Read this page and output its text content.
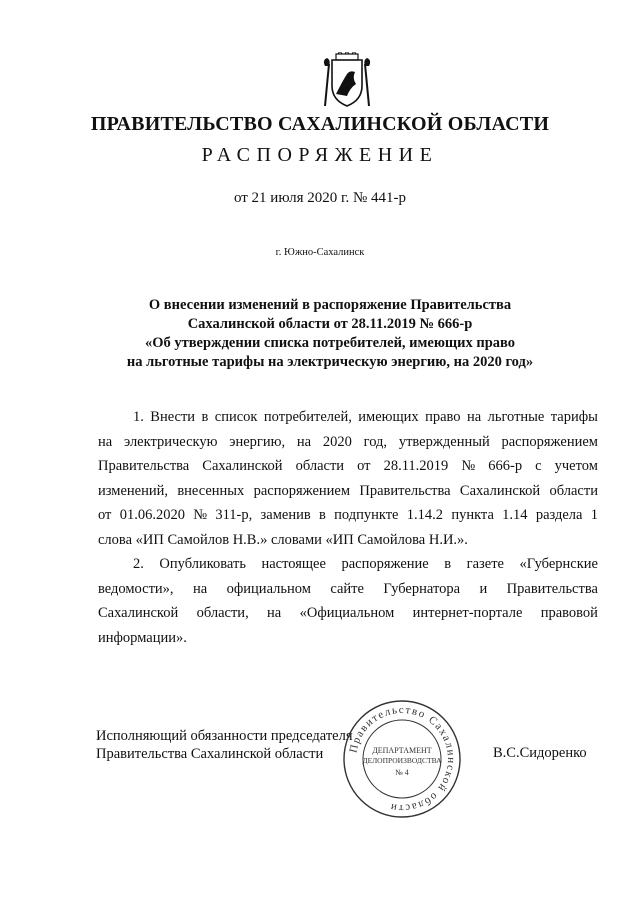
ПРАВИТЕЛЬСТВО САХАЛИНСКОЙ ОБЛАСТИ
РАСПОРЯЖЕНИЕ
от 21 июля 2020 г. № 441-р
г. Южно-Сахалинск
О внесении изменений в распоряжение Правительства
Сахалинской области от 28.11.2019 № 666-р
«Об утверждении списка потребителей, имеющих право
на льготные тарифы на электрическую энергию, на 2020 год»
1. Внести в список потребителей, имеющих право на льготные тарифы
на электрическую энергию, на 2020 год, утвержденный распоряжением
Правительства Сахалинской области от 28.11.2019 № 666-р с учетом
изменений, внесенных распоряжением Правительства Сахалинской области
от 01.06.2020 № 311-р, заменив в подпункте 1.14.2 пункта 1.14 раздела 1
слова «ИП Самойлов Н.В.» словами «ИП Самойлова Н.И.».
2. Опубликовать настоящее распоряжение в газете «Губернские
ведомости», на официальном сайте Губернатора и Правительства
Сахалинской области, на «Официальном интернет-портале правовой
информации».
Исполняющий обязанности председателя
Правительства Сахалинской области	В.С.Сидоренко
Правительство Сахалинской области
ДЕПАРТАМЕНТ
ДЕЛОПРОИЗВОДСТВА
№ 4
